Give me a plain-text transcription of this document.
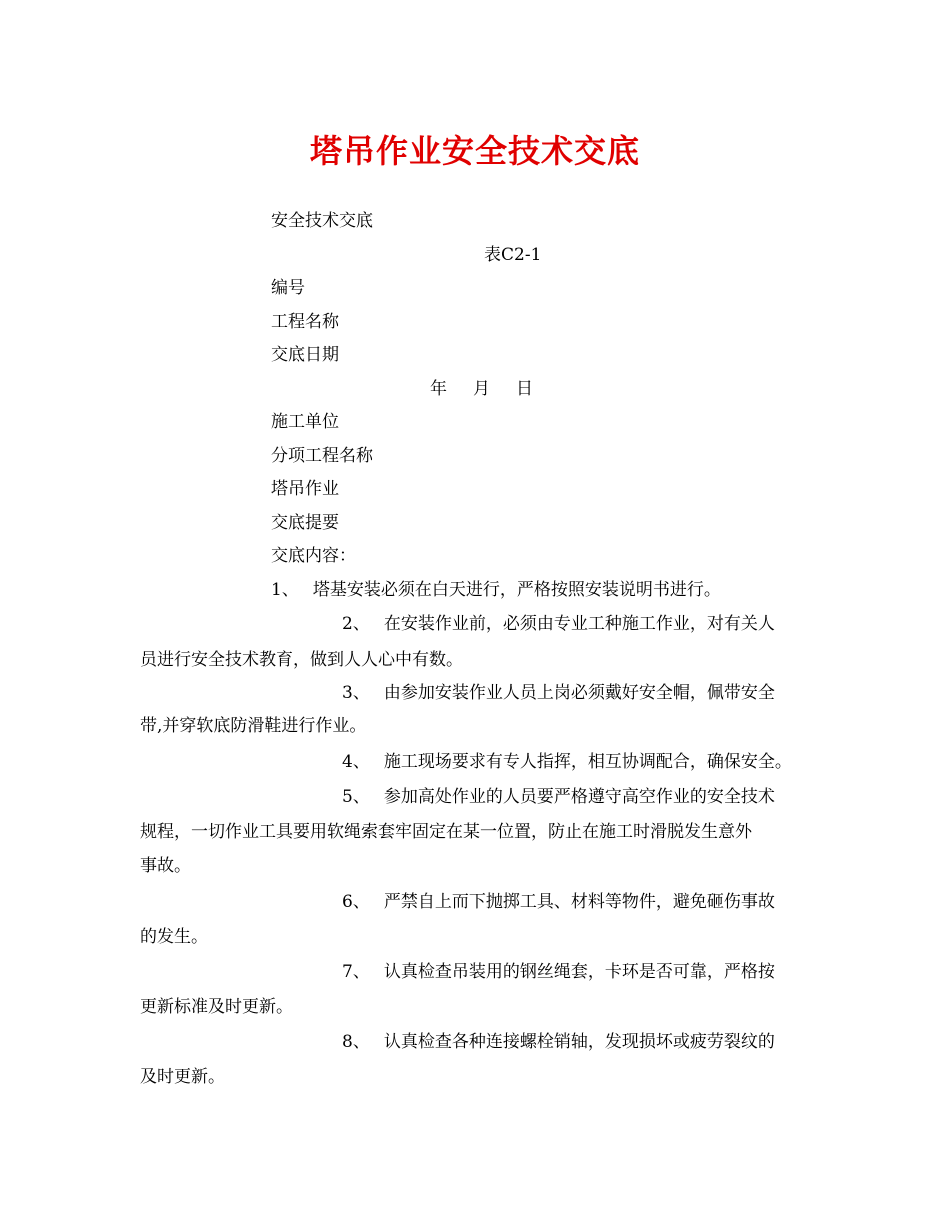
塔吊作业安全技术交底
安全技术交底
表C2-1
编号
工程名称
交底日期
年 月 日
施工单位
分项工程名称
塔吊作业
交底提要
交底内容：
1、 塔基安装必须在白天进行，严格按照安装说明书进行。
2、 在安装作业前，必须由专业工种施工作业，对有关人
员进行安全技术教育，做到人人心中有数。
3、 由参加安装作业人员上岗必须戴好安全帽，佩带安全
带,并穿软底防滑鞋进行作业。
4、 施工现场要求有专人指挥，相互协调配合，确保安全。
5、 参加高处作业的人员要严格遵守高空作业的安全技术
规程，一切作业工具要用软绳索套牢固定在某一位置，防止在施工时滑脱发生意外
事故。
6、 严禁自上而下抛掷工具、材料等物件，避免砸伤事故
的发生。
7、 认真检查吊装用的钢丝绳套，卡环是否可靠，严格按
更新标准及时更新。
8、 认真检查各种连接螺栓销轴，发现损坏或疲劳裂纹的
及时更新。
